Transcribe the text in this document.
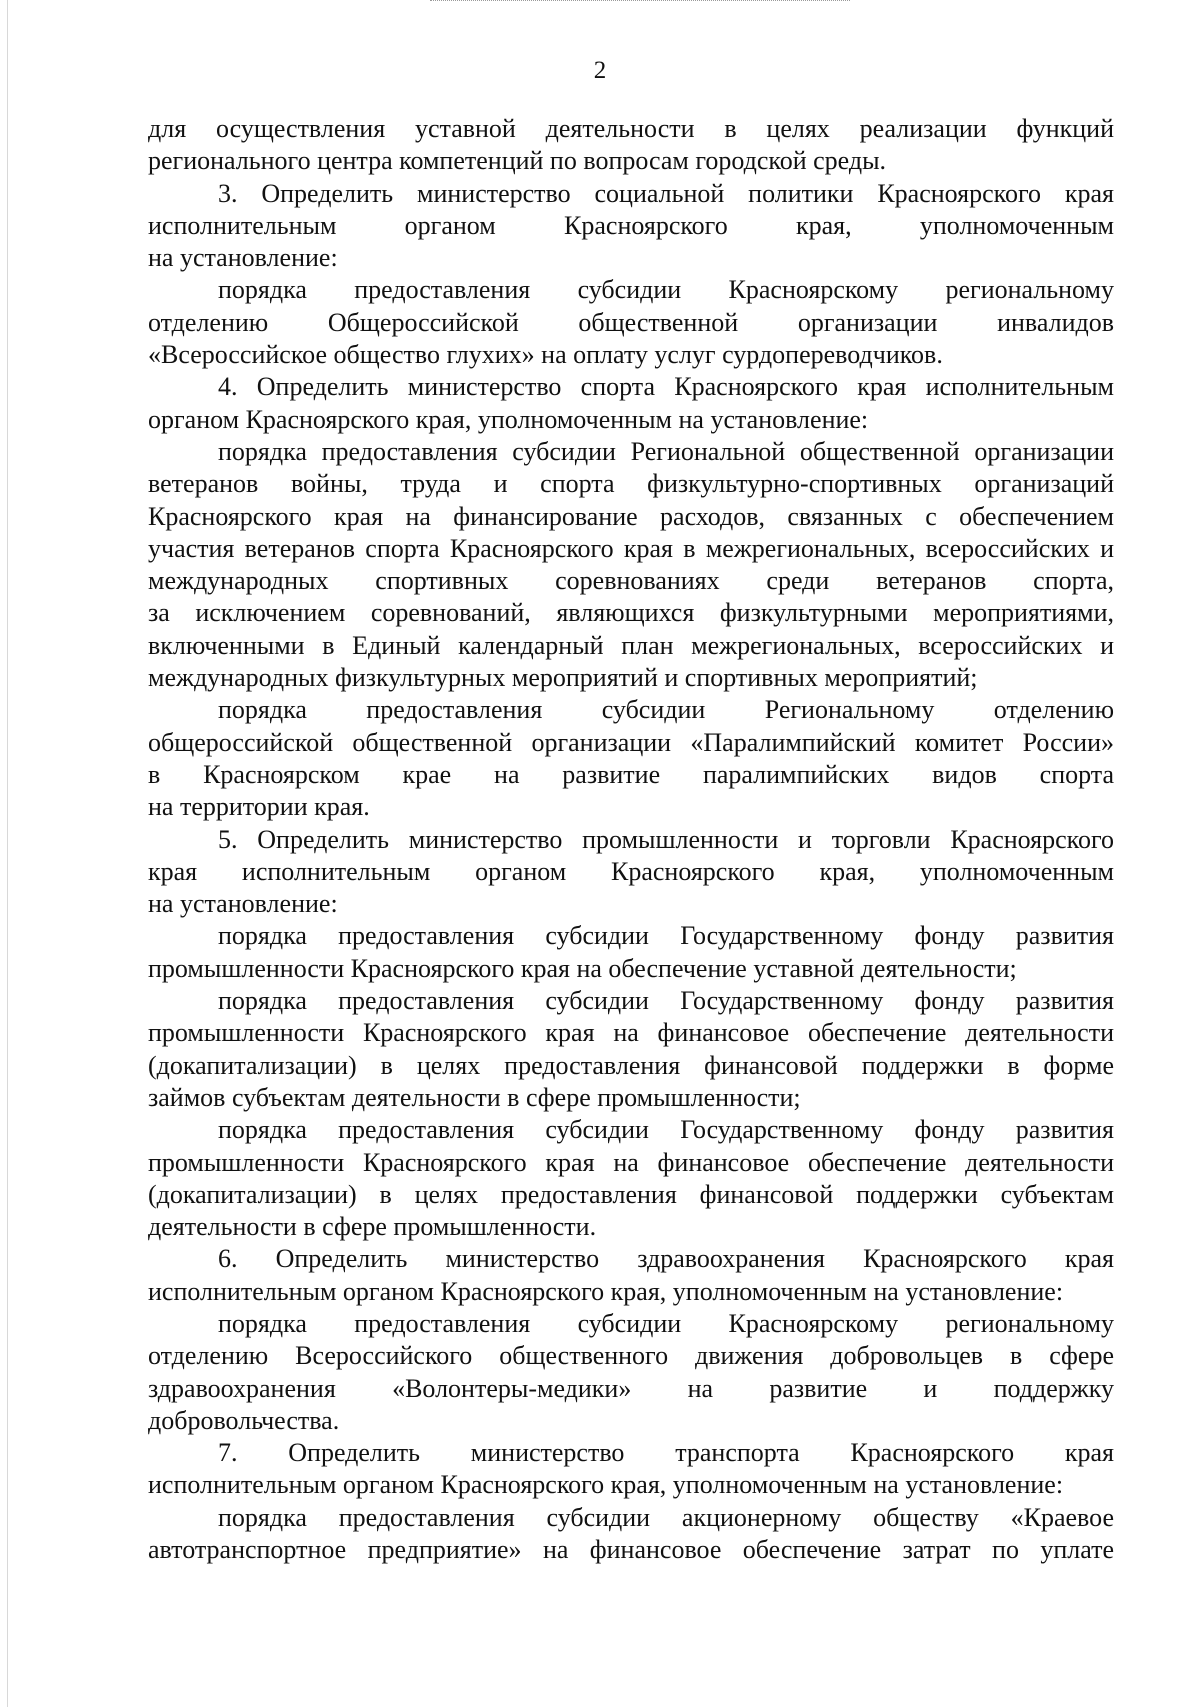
2
для осуществления уставной деятельности в целях реализации функций
регионального центра компетенций по вопросам городской среды.
3. Определить министерство социальной политики Красноярского края
исполнительным органом Красноярского края, уполномоченным
на установление:
порядка предоставления субсидии Красноярскому региональному
отделению Общероссийской общественной организации инвалидов
«Всероссийское общество глухих» на оплату услуг сурдопереводчиков.
4. Определить министерство спорта Красноярского края исполнительным
органом Красноярского края, уполномоченным на установление:
порядка предоставления субсидии Региональной общественной организации
ветеранов войны, труда и спорта физкультурно-спортивных организаций
Красноярского края на финансирование расходов, связанных с обеспечением
участия ветеранов спорта Красноярского края в межрегиональных, всероссийских и
международных спортивных соревнованиях среди ветеранов спорта,
за исключением соревнований, являющихся физкультурными мероприятиями,
включенными в Единый календарный план межрегиональных, всероссийских и
международных физкультурных мероприятий и спортивных мероприятий;
порядка предоставления субсидии Региональному отделению
общероссийской общественной организации «Паралимпийский комитет России»
в Красноярском крае на развитие паралимпийских видов спорта
на территории края.
5. Определить министерство промышленности и торговли Красноярского
края исполнительным органом Красноярского края, уполномоченным
на установление:
порядка предоставления субсидии Государственному фонду развития
промышленности Красноярского края на обеспечение уставной деятельности;
порядка предоставления субсидии Государственному фонду развития
промышленности Красноярского края на финансовое обеспечение деятельности
(докапитализации) в целях предоставления финансовой поддержки в форме
займов субъектам деятельности в сфере промышленности;
порядка предоставления субсидии Государственному фонду развития
промышленности Красноярского края на финансовое обеспечение деятельности
(докапитализации) в целях предоставления финансовой поддержки субъектам
деятельности в сфере промышленности.
6. Определить министерство здравоохранения Красноярского края
исполнительным органом Красноярского края, уполномоченным на установление:
порядка предоставления субсидии Красноярскому региональному
отделению Всероссийского общественного движения добровольцев в сфере
здравоохранения «Волонтеры-медики» на развитие и поддержку
добровольчества.
7. Определить министерство транспорта Красноярского края
исполнительным органом Красноярского края, уполномоченным на установление:
порядка предоставления субсидии акционерному обществу «Краевое
автотранспортное предприятие» на финансовое обеспечение затрат по уплате
